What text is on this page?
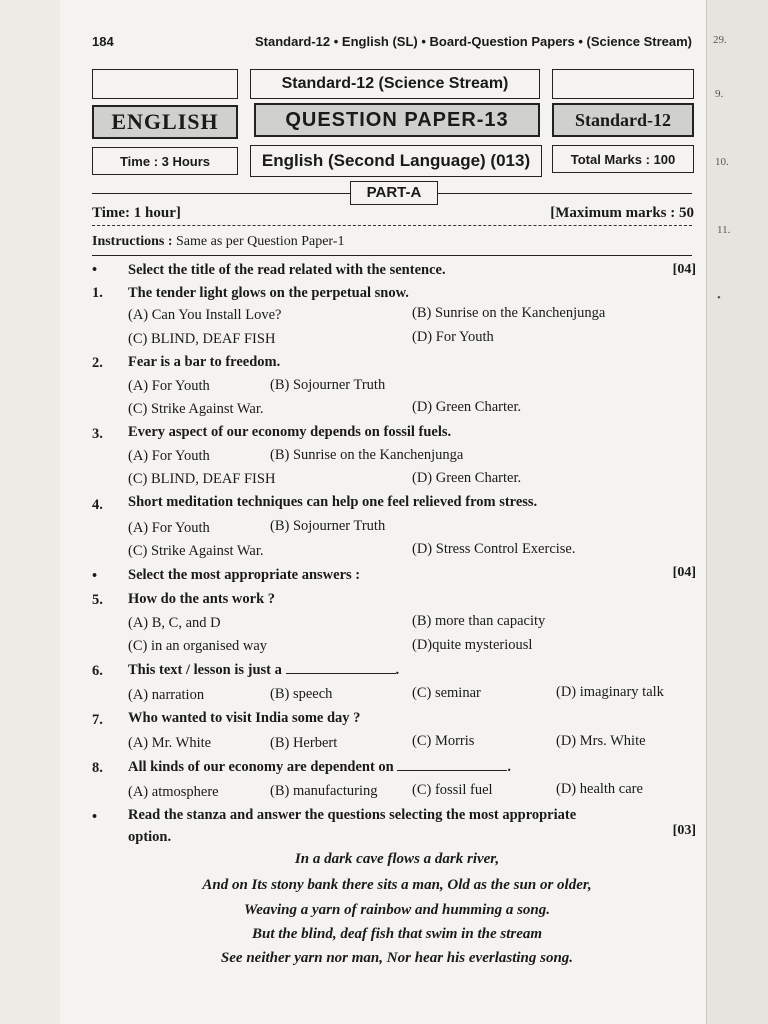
29.
9.
10.
11.
•
184	Standard-12 • English (SL) • Board-Question Papers • (Science Stream)
Standard-12 (Science Stream)
ENGLISH	QUESTION PAPER-13	Standard-12
Time : 3 Hours	English (Second Language) (013)	Total Marks : 100
PART-A
Time: 1 hour]	[Maximum marks : 50
Instructions : Same as per Question Paper-1
• Select the title of the read related with the sentence.	[04]
1. The tender light glows on the perpetual snow.
(A) Can You Install Love?	(B) Sunrise on the Kanchenjunga
(C) BLIND, DEAF FISH	(D) For Youth
2. Fear is a bar to freedom.
(A) For Youth	(B) Sojourner Truth
(C) Strike Against War.	(D) Green Charter.
3. Every aspect of our economy depends on fossil fuels.
(A) For Youth	(B) Sunrise on the Kanchenjunga
(C) BLIND, DEAF FISH	(D) Green Charter.
4. Short meditation techniques can help one feel relieved from stress.
(A) For Youth	(B) Sojourner Truth
(C) Strike Against War.	(D) Stress Control Exercise.
• Select the most appropriate answers :	[04]
5. How do the ants work ?
(A) B, C, and D	(B) more than capacity
(C) in an organised way	(D)quite mysteriousl
6. This text / lesson is just a	.
(A) narration	(B) speech	(C) seminar	(D) imaginary talk
7. Who wanted to visit India some day ?
(A) Mr. White	(B) Herbert	(C) Morris	(D) Mrs. White
8. All kinds of our economy are dependent on	.
(A) atmosphere	(B) manufacturing (C) fossil fuel	(D) health care
• Read the stanza and answer the questions selecting the most appropriate
option.	[03]
In a dark cave flows a dark river,
And on Its stony bank there sits a man, Old as the sun or older,
Weaving a yarn of rainbow and humming a song.
But the blind, deaf fish that swim in the stream
See neither yarn nor man, Nor hear his everlasting song.
